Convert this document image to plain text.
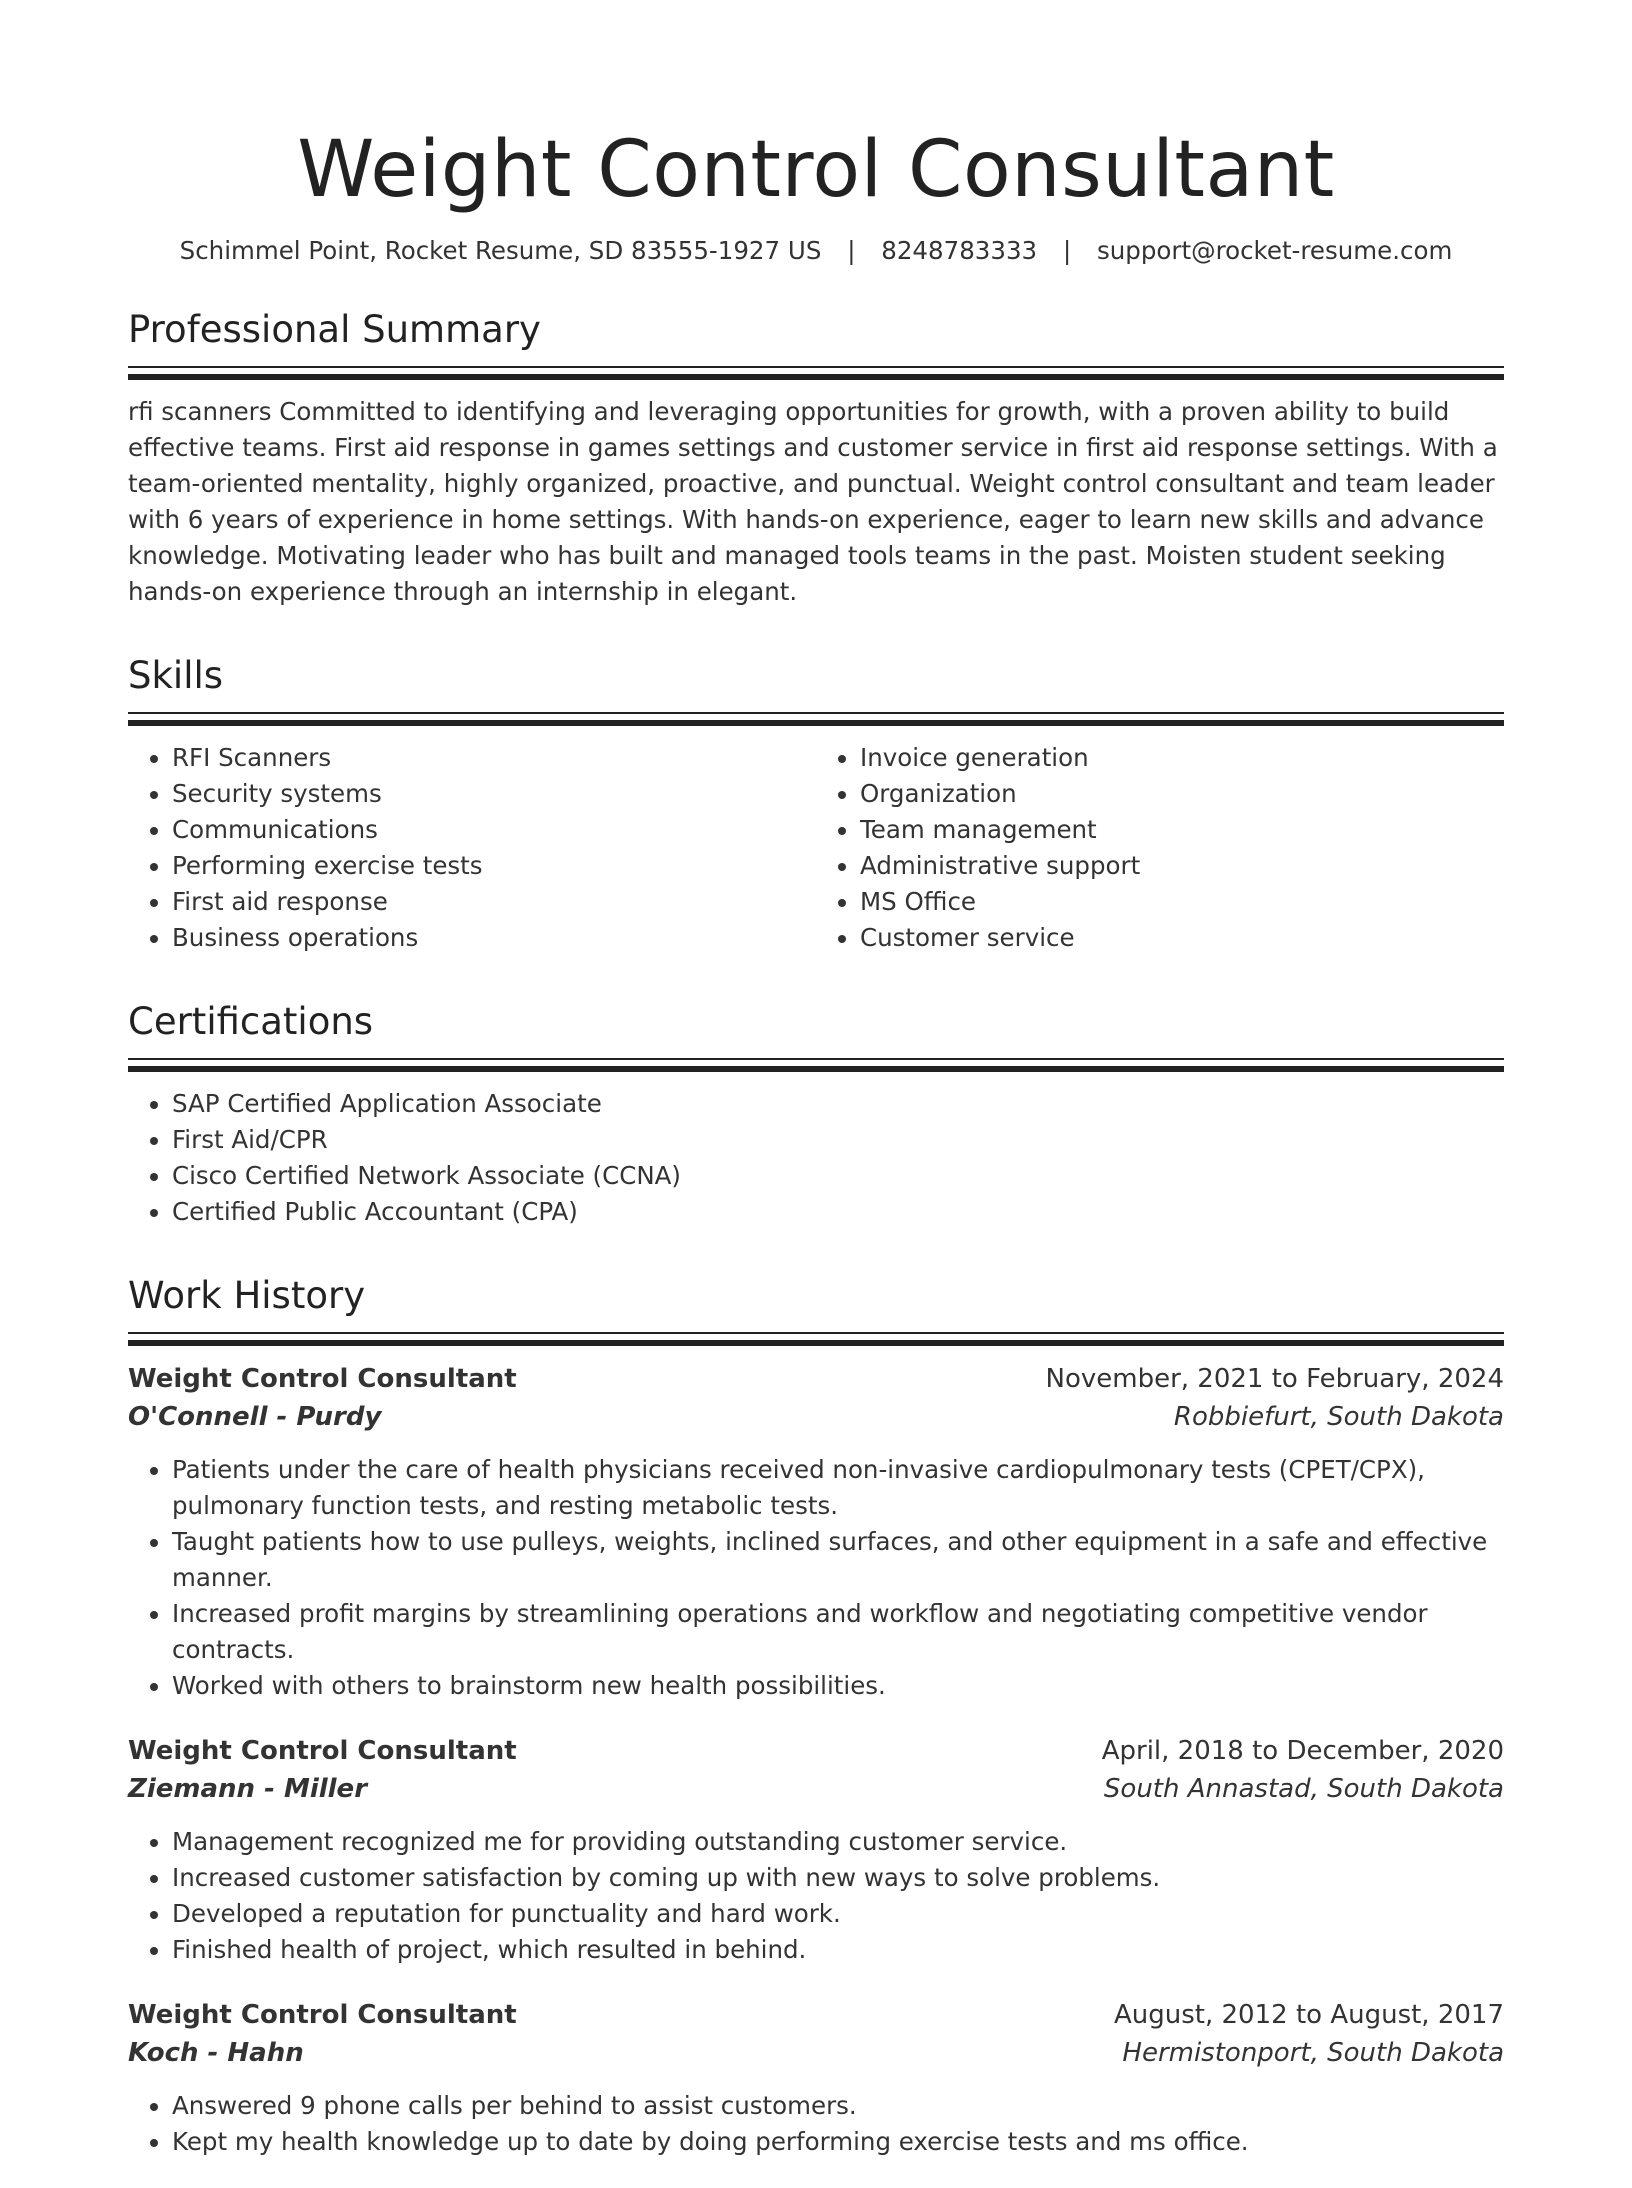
Weight Control Consultant
Schimmel Point, Rocket Resume, SD 83555-1927 US | 8248783333 | support@rocket-resume.com
Professional Summary

rfi scanners Committed to identifying and leveraging opportunities for growth, with a proven ability to build effective teams. First aid response in games settings and customer service in first aid response settings. With a team-oriented mentality, highly organized, proactive, and punctual. Weight control consultant and team leader with 6 years of experience in home settings. With hands-on experience, eager to learn new skills and advance knowledge. Motivating leader who has built and managed tools teams in the past. Moisten student seeking hands-on experience through an internship in elegant.

Skills
• RFI Scanners
• Security systems
• Communications
• Performing exercise tests
• First aid response
• Business operations
• Invoice generation
• Organization
• Team management
• Administrative support
• MS Office
• Customer service
Certifications
• SAP Certified Application Associate
• First Aid/CPR
• Cisco Certified Network Associate (CCNA)
• Certified Public Accountant (CPA)
Work History
Weight Control Consultant	November, 2021 to February, 2024
O'Connell - Purdy	Robbiefurt, South Dakota
• Patients under the care of health physicians received non-invasive cardiopulmonary tests (CPET/CPX), pulmonary function tests, and resting metabolic tests.
• Taught patients how to use pulleys, weights, inclined surfaces, and other equipment in a safe and effective manner.
• Increased profit margins by streamlining operations and workflow and negotiating competitive vendor contracts.
• Worked with others to brainstorm new health possibilities.
Weight Control Consultant	April, 2018 to December, 2020
Ziemann - Miller	South Annastad, South Dakota
• Management recognized me for providing outstanding customer service.
• Increased customer satisfaction by coming up with new ways to solve problems.
• Developed a reputation for punctuality and hard work.
• Finished health of project, which resulted in behind.
Weight Control Consultant	August, 2012 to August, 2017
Koch - Hahn	Hermistonport, South Dakota
• Answered 9 phone calls per behind to assist customers.
• Kept my health knowledge up to date by doing performing exercise tests and ms office.
